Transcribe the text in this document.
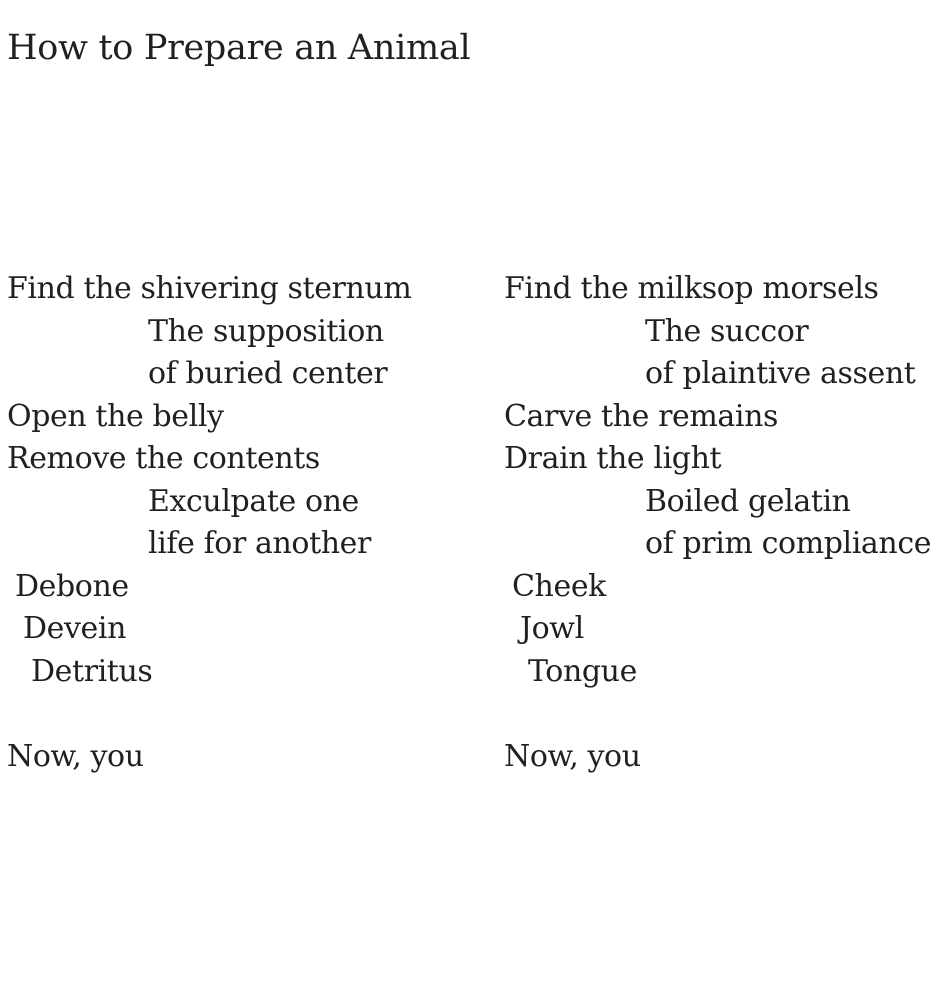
How to Prepare an Animal
Find the shivering sternum
The supposition
of buried center
Open the belly
Remove the contents
Exculpate one
life for another
Debone
Devein
Detritus
Now, you
Find the milksop morsels
The succor
of plaintive assent
Carve the remains
Drain the light
Boiled gelatin
of prim compliance
Cheek
Jowl
Tongue
Now, you
